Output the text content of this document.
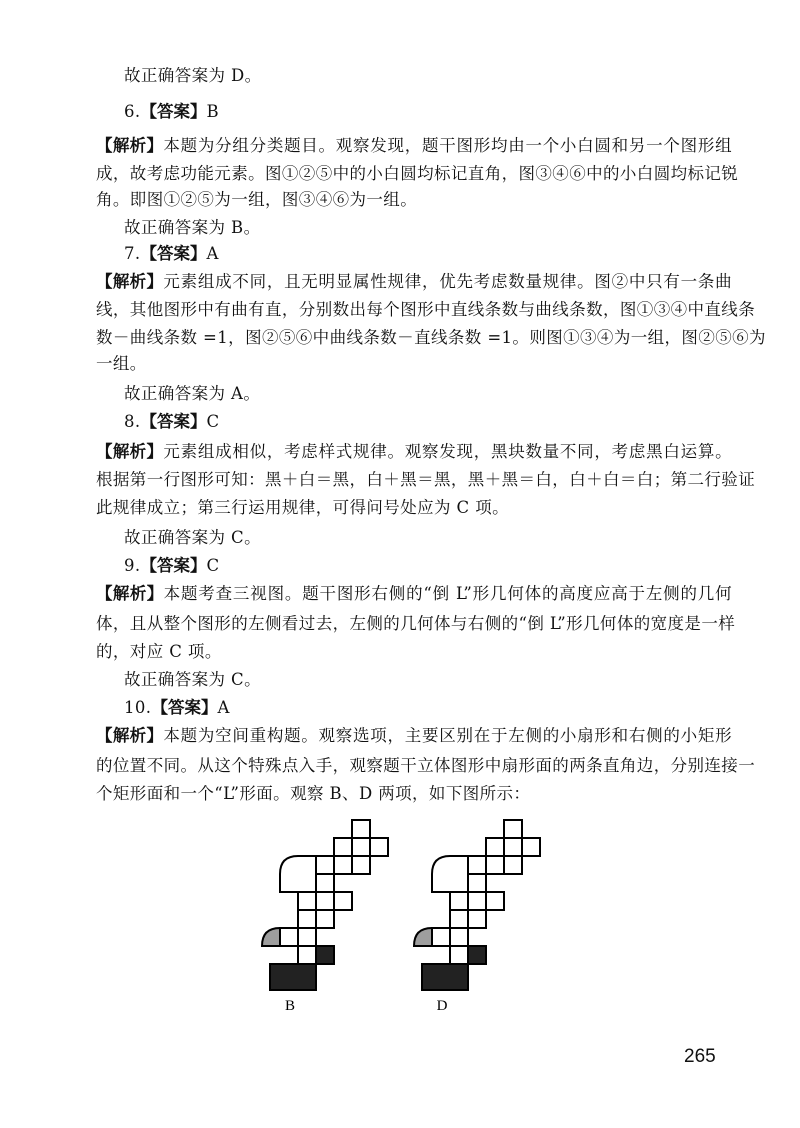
故正确答案为 D。
6.【答案】B
【解析】本题为分组分类题目。观察发现，题干图形均由一个小白圆和另一个图形组
成，故考虑功能元素。图①②⑤中的小白圆均标记直角，图③④⑥中的小白圆均标记锐
角。即图①②⑤为一组，图③④⑥为一组。
故正确答案为 B。
7.【答案】A
【解析】元素组成不同，且无明显属性规律，优先考虑数量规律。图②中只有一条曲
线，其他图形中有曲有直，分别数出每个图形中直线条数与曲线条数，图①③④中直线条
数－曲线条数 =1，图②⑤⑥中曲线条数－直线条数 =1。则图①③④为一组，图②⑤⑥为
一组。
故正确答案为 A。
8.【答案】C
【解析】元素组成相似，考虑样式规律。观察发现，黑块数量不同，考虑黑白运算。
根据第一行图形可知：黑＋白＝黑，白＋黑＝黑，黑＋黑＝白，白＋白＝白；第二行验证
此规律成立；第三行运用规律，可得问号处应为 C 项。
故正确答案为 C。
9.【答案】C
【解析】本题考查三视图。题干图形右侧的“倒 L”形几何体的高度应高于左侧的几何
体，且从整个图形的左侧看过去，左侧的几何体与右侧的“倒 L”形几何体的宽度是一样
的，对应 C 项。
故正确答案为 C。
10.【答案】A
【解析】本题为空间重构题。观察选项，主要区别在于左侧的小扇形和右侧的小矩形
的位置不同。从这个特殊点入手，观察题干立体图形中扇形面的两条直角边，分别连接一
个矩形面和一个“L”形面。观察 B、D 两项，如下图所示：
B	D
265
